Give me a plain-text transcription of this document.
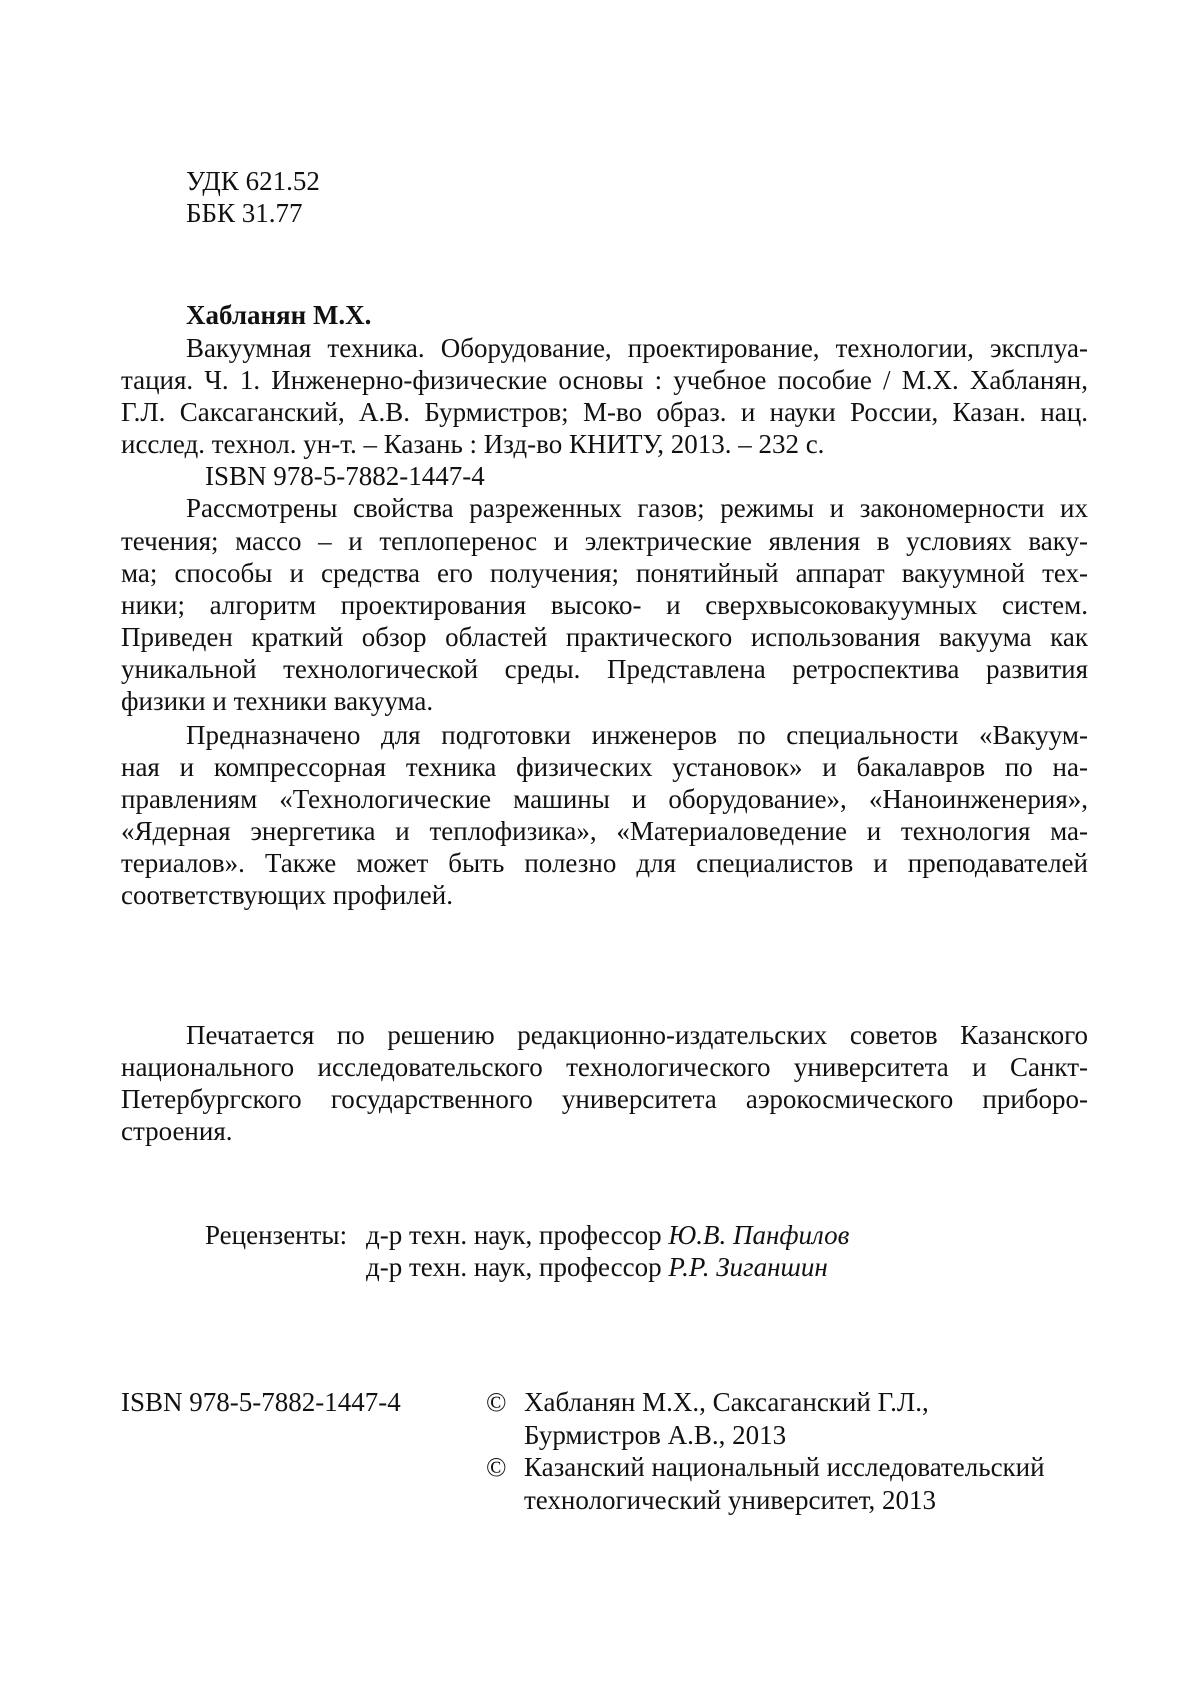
УДК 621.52
ББК 31.77
Хабланян М.Х.
Вакуумная техника. Оборудование, проектирование, технологии, эксплуа-
тация. Ч. 1. Инженерно-физические основы : учебное пособие / М.Х. Хабланян,
Г.Л. Саксаганский, А.В. Бурмистров; М-во образ. и науки России, Казан. нац.
исслед. технол. ун-т. – Казань : Изд-во КНИТУ, 2013. – 232 с.
ISBN 978-5-7882-1447-4
Рассмотрены свойства разреженных газов; режимы и закономерности их
течения; массо – и теплоперенос и электрические явления в условиях ваку-
ма; способы и средства его получения; понятийный аппарат вакуумной тех-
ники; алгоритм проектирования высоко- и сверхвысоковакуумных систем.
Приведен краткий обзор областей практического использования вакуума как
уникальной технологической среды. Представлена ретроспектива развития
физики и техники вакуума.
Предназначено для подготовки инженеров по специальности «Вакуум-
ная и компрессорная техника физических установок» и бакалавров по на-
правлениям «Технологические машины и оборудование», «Наноинженерия»,
«Ядерная энергетика и теплофизика», «Материаловедение и технология ма-
териалов». Также может быть полезно для специалистов и преподавателей
соответствующих профилей.
Печатается по решению редакционно-издательских советов Казанского
национального исследовательского технологического университета и Санкт-
Петербургского государственного университета аэрокосмического приборо-
строения.
Рецензенты: д-р техн. наук, профессор Ю.В. Панфилов
д-р техн. наук, профессор Р.Р. Зиганшин
ISBN 978-5-7882-1447-4	© Хабланян М.Х., Саксаганский Г.Л.,
Бурмистров А.В., 2013
© Казанский национальный исследовательский
технологический университет, 2013
